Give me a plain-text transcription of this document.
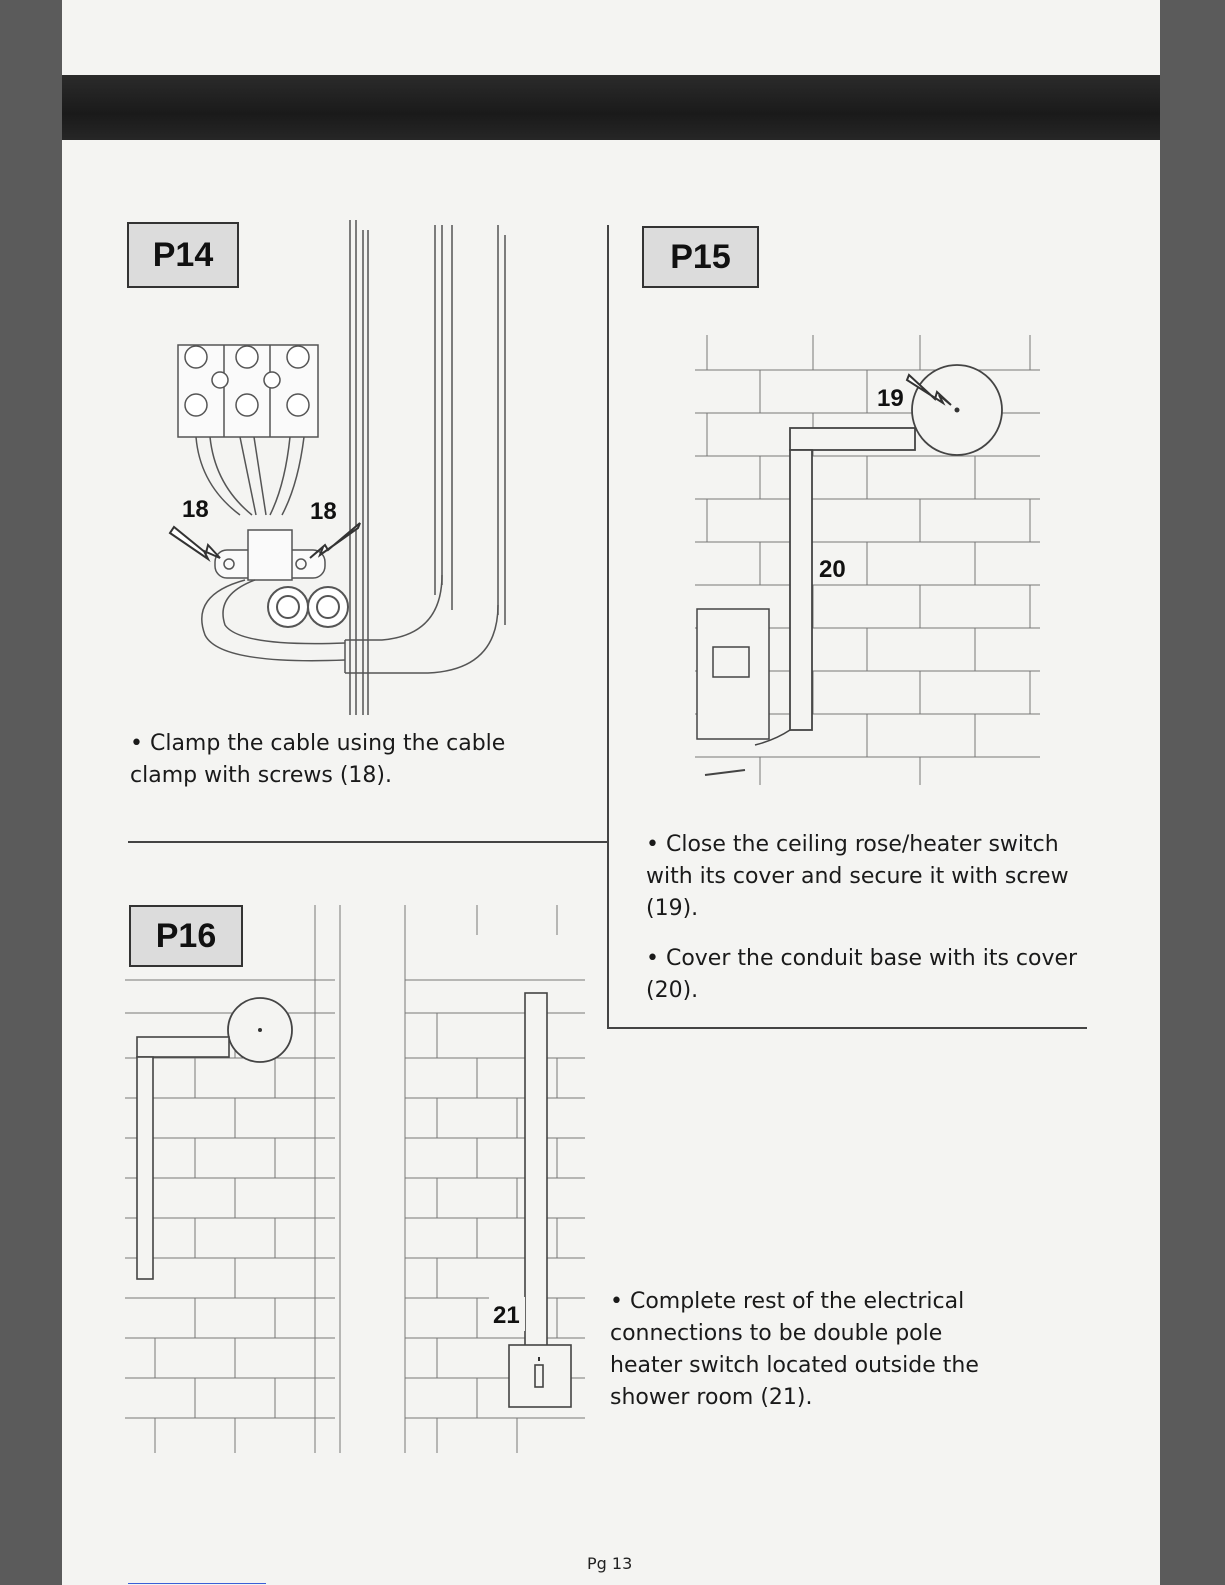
P14
18	18
• Clamp the cable using the cable clamp with screws (18).
P15
19
20

• Close the ceiling rose/heater switch with its cover and secure it with screw (19).

• Cover the conduit base with its cover (20).

21
P16
• Complete rest of the electrical connections to be double pole heater switch located outside the shower room (21).
Pg 13
